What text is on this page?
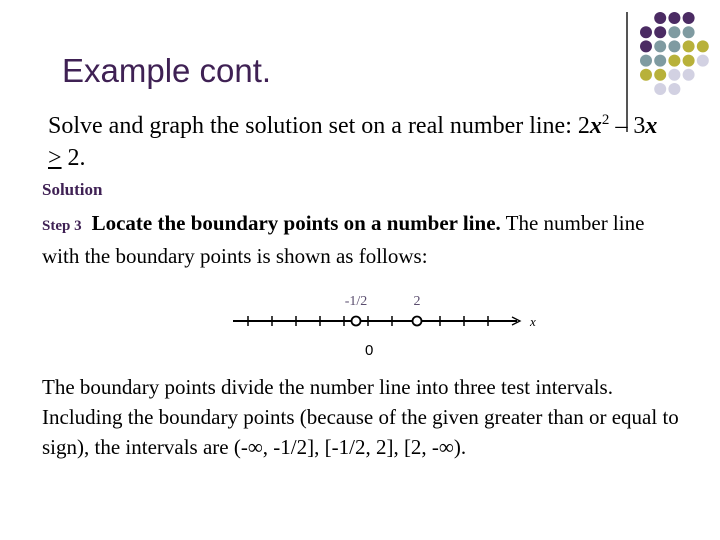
Example cont.
Solve and graph the solution set on a real number line: $2x^2 - 3x > 2$.
Solution
Step 3 Locate the boundary points on a number line. The number line with the boundary points is shown as follows:
x
-1/2	2
0
The boundary points divide the number line into three test intervals. Including the boundary points (because of the given greater than or equal to sign), the intervals are (-∞, -1/2], [-1/2, 2], [2, -∞).
